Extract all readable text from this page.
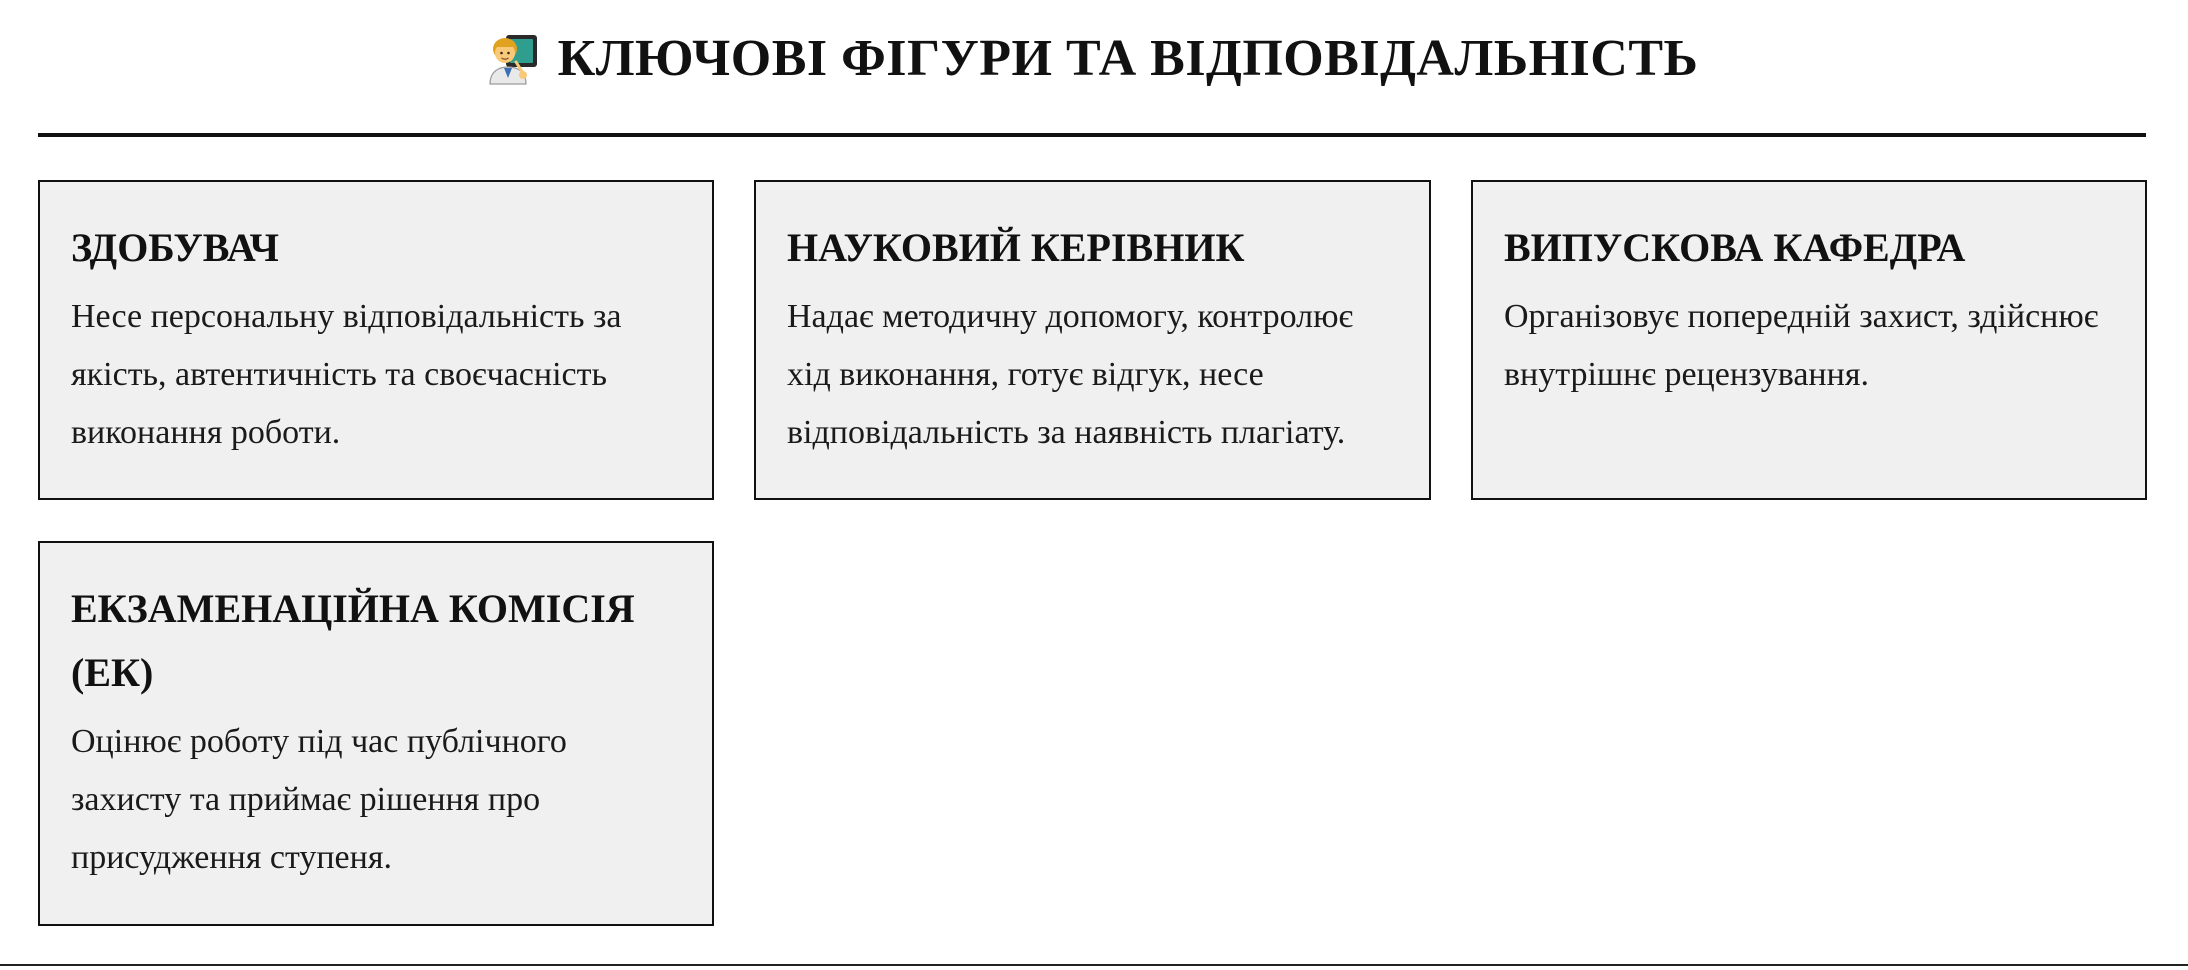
КЛЮЧОВІ ФІГУРИ ТА ВІДПОВІДАЛЬНІСТЬ
ЗДОБУВАЧ

Несе персональну відповідальність за якість, автентичність та своєчасність виконання роботи.

НАУКОВИЙ КЕРІВНИК

Надає методичну допомогу, контролює хід виконання, готує відгук, несе відповідальність за наявність плагіату.

ВИПУСКОВА КАФЕДРА

Організовує попередній захист, здійснює внутрішнє рецензування.

ЕКЗАМЕНАЦІЙНА КОМІСІЯ (ЕК)

Оцінює роботу під час публічного захисту та приймає рішення про присудження ступеня.
